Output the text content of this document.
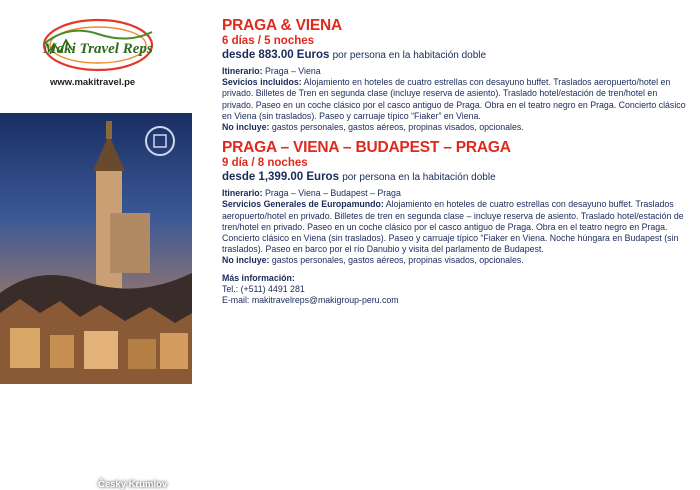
Maki Travel Reps
www.makitravel.pe
Český Krumlov
PRAGA & VIENA
6 días / 5 noches
desde 883.00 Euros por persona en la habitación doble

Itinerario: Praga – Viena

Sevicios incluidos: Alojamiento en hoteles de cuatro estrellas con desayuno buffet. Traslados aeropuerto/hotel en privado. Billetes de Tren en segunda clase (incluye reserva de asiento). Traslado hotel/estación de tren/hotel en privado. Paseo en un coche clásico por el casco antiguo de Praga. Obra en el teatro negro en Praga. Concierto clásico en Viena (sin traslados). Paseo y carruaje típico “Fiaker” en Viena.

No incluye: gastos personales, gastos aéreos, propinas visados, opcionales.

PRAGA – VIENA – BUDAPEST – PRAGA
9 día / 8 noches
desde 1,399.00 Euros por persona en la habitación doble

Itinerario: Praga – Viena – Budapest – Praga

Servicios Generales de Europamundo: Alojamiento en hoteles de cuatro estrellas con desayuno buffet. Traslados aeropuerto/hotel en privado. Billetes de tren en segunda clase – incluye reserva de asiento. Traslado hotel/estación de tren/hotel en privado. Paseo en un coche clásico por el casco antiguo de Praga. Obra en el teatro negro en Praga. Concierto clásico en Viena (sin traslados). Paseo y carruaje típico “Fiaker en Viena. Noche húngara en Budapest (sin traslados). Paseo en barco por el río Danubio y visita del parlamento de Budapest.

No incluye: gastos personales, gastos aéreos, propinas visados, opcionales.

Más información:
Tel.: (+511) 4491 281
E-mail: makitravelreps@makigroup-peru.com
